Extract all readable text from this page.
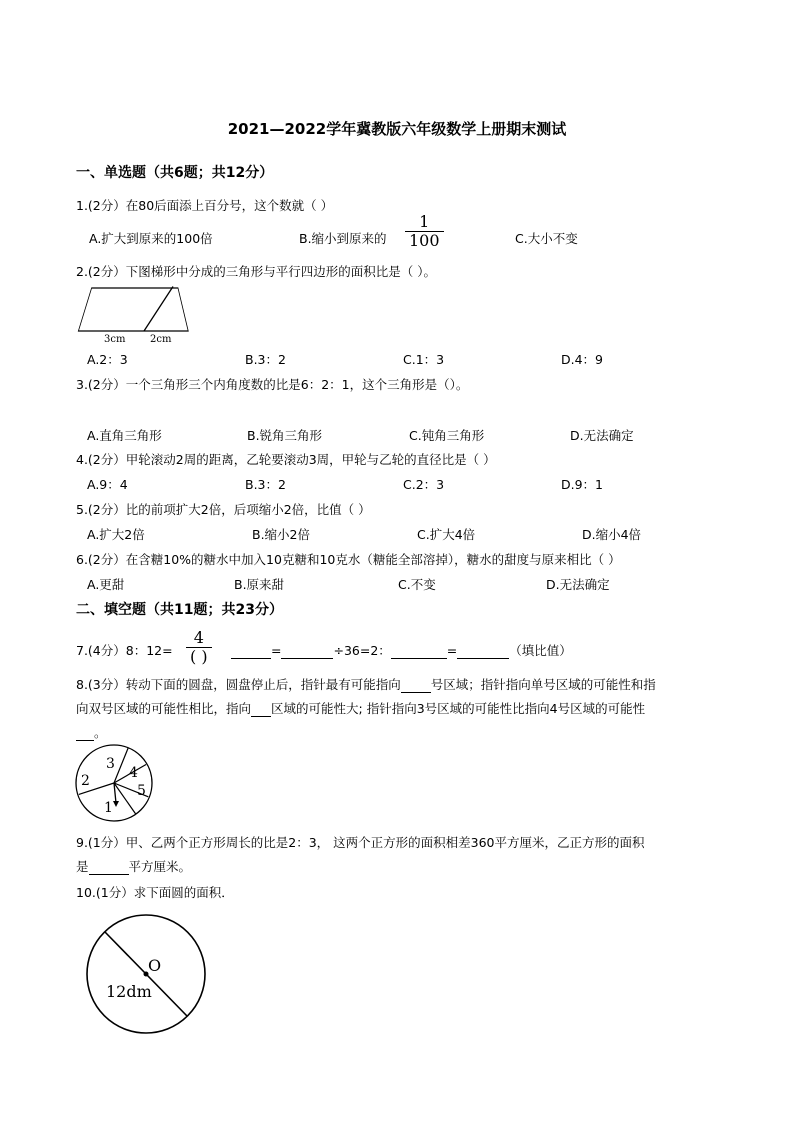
2021—2022学年冀教版六年级数学上册期末测试
一、单选题（共6题；共12分）
1.(2分）在80后面添上百分号，这个数就（ ）
A.扩大到原来的100倍	B.缩小到原来的 $\frac{1}{100}$	C.大小不变
2.(2分）下图梯形中分成的三角形与平行四边形的面积比是（ ）。
3cm 2cm
A.2：3	B.3：2	C.1：3	D.4：9
3.(2分）一个三角形三个内角度数的比是6：2：1，这个三角形是（）。
A.直角三角形	B.锐角三角形	C.钝角三角形	D.无法确定
4.(2分）甲轮滚动2周的距离，乙轮要滚动3周，甲轮与乙轮的直径比是（ ）
A.9：4	B.3：2	C.2：3	D.9：1
5.(2分）比的前项扩大2倍，后项缩小2倍，比值（ ）
A.扩大2倍	B.缩小2倍	C.扩大4倍	D.缩小4倍
6.(2分）在含糖10%的糖水中加入10克糖和10克水（糖能全部溶掉），糖水的甜度与原来相比（ ）
A.更甜	B.原来甜	C.不变	D.无法确定
二、填空题（共11题；共23分）
7.(4分）8：$12= \frac{4}{( )}$	=	÷36=2：	=	（填比值）
8.(3分）转动下面的圆盘，圆盘停止后，指针最有可能指向 号区域；指针指向单号区域的可能性和指
向双号区域的可能性相比，指向 区域的可能性大; 指针指向3号区域的可能性比指向4号区域的可能性
。
1
2
3
4
5
9.(1分）甲、乙两个正方形周长的比是2：3， 这两个正方形的面积相差360平方厘米，乙正方形的面积
是	平方厘米。
10.(1分）求下面圆的面积．
O
12dm
